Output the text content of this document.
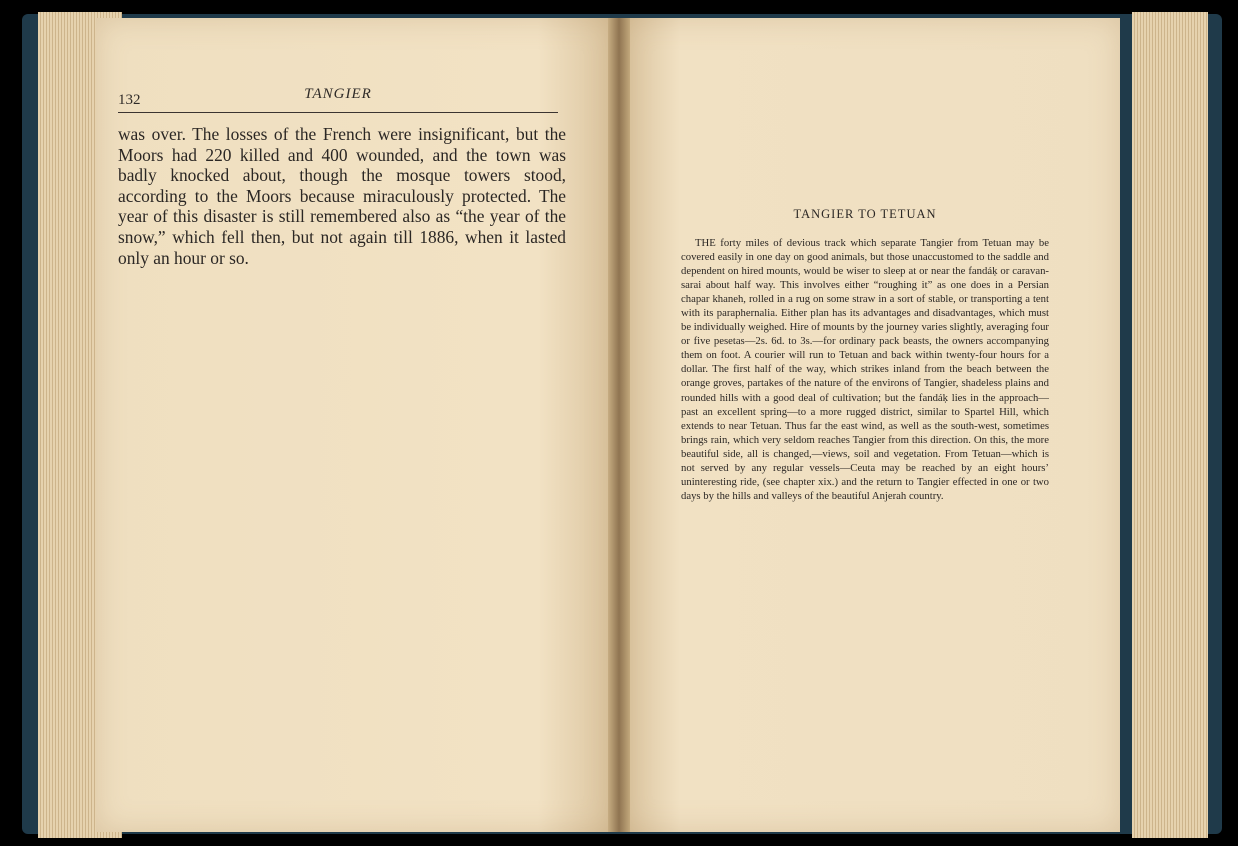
132	TANGIER

was over. The losses of the French were insignificant, but the Moors had 220 killed and 400 wounded, and the town was badly knocked about, though the mosque towers stood, according to the Moors because miraculously protected. The year of this disaster is still remembered also as “the year of the snow,” which fell then, but not again till 1886, when it lasted only an hour or so.

TANGIER TO TETUAN

THE forty miles of devious track which separate Tangier from Tetuan may be covered easily in one day on good animals, but those unaccustomed to the saddle and dependent on hired mounts, would be wiser to sleep at or near the fandáḳ or caravan-sarai about half way. This involves either “roughing it” as one does in a Persian chapar khaneh, rolled in a rug on some straw in a sort of stable, or transporting a tent with its paraphernalia. Either plan has its advantages and disadvantages, which must be individually weighed. Hire of mounts by the journey varies slightly, averaging four or five pesetas—2s. 6d. to 3s.—for ordinary pack beasts, the owners accompanying them on foot. A courier will run to Tetuan and back within twenty-four hours for a dollar. The first half of the way, which strikes inland from the beach between the orange groves, partakes of the nature of the environs of Tangier, shadeless plains and rounded hills with a good deal of cultivation; but the fandáḳ lies in the approach—past an excellent spring—to a more rugged district, similar to Spartel Hill, which extends to near Tetuan. Thus far the east wind, as well as the south-west, sometimes brings rain, which very seldom reaches Tangier from this direction. On this, the more beautiful side, all is changed,—views, soil and vegetation. From Tetuan—which is not served by any regular vessels—Ceuta may be reached by an eight hours’ uninteresting ride, (see chapter xix.) and the return to Tangier effected in one or two days by the hills and valleys of the beautiful Anjerah country.
